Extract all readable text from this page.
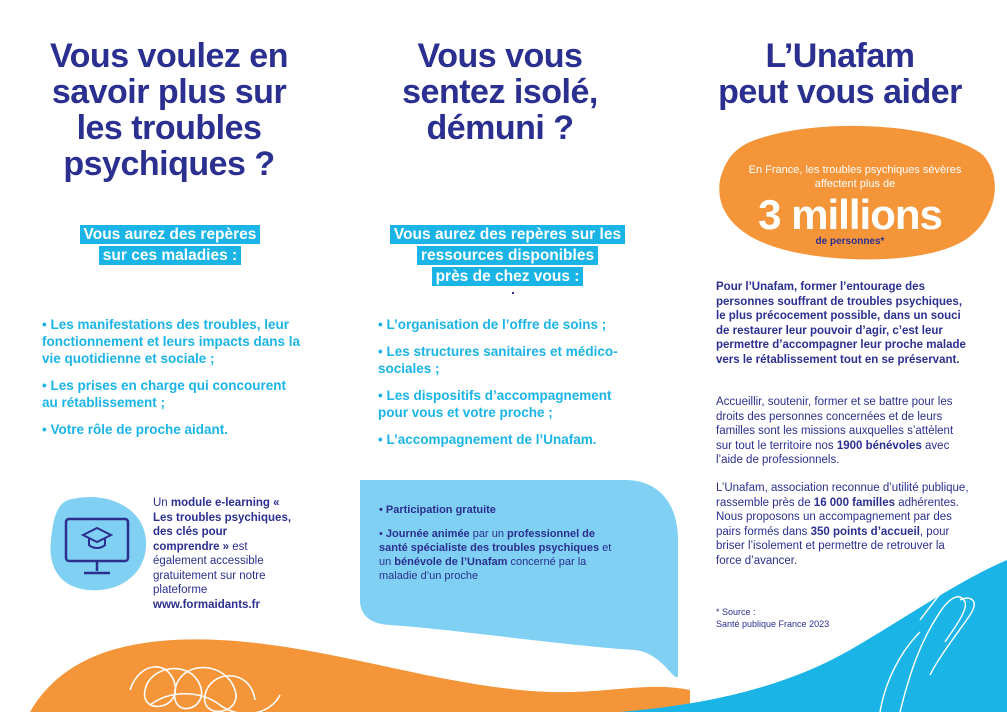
Vous voulez en
savoir plus sur
les troubles
psychiques ?
Vous aurez des repères
sur ces maladies :
• Les manifestations des troubles, leur fonctionnement et leurs impacts dans la vie quotidienne et sociale ;
• Les prises en charge qui concourent au rétablissement ;
• Votre rôle de proche aidant.
Un module e-learning « Les troubles psychiques, des clés pour comprendre » est également accessible gratuitement sur notre plateforme www.formaidants.fr
Vous vous
sentez isolé,
démuni ?
Vous aurez des repères sur les
ressources disponibles
près de chez vous :
• L’organisation de l’offre de soins ;
• Les structures sanitaires et médico-sociales ;
• Les dispositifs d’accompagnement pour vous et votre proche ;
• L’accompagnement de l’Unafam.

• Participation gratuite

• Journée animée par un professionnel de santé spécialiste des troubles psychiques et un bénévole de l’Unafam concerné par la maladie d’un proche

L’Unafam
peut vous aider
En France, les troubles psychiques sévères affectent plus de
3 millions
de personnes*
Pour l’Unafam, former l’entourage des personnes souffrant de troubles psychiques, le plus précocement possible, dans un souci de restaurer leur pouvoir d’agir, c’est leur permettre d’accompagner leur proche malade vers le rétablissement tout en se préservant.
Accueillir, soutenir, former et se battre pour les droits des personnes concernées et de leurs familles sont les missions auxquelles s’attèlent sur tout le territoire nos 1900 bénévoles avec l’aide de professionnels.
L’Unafam, association reconnue d’utilité publique, rassemble près de 16 000 familles adhérentes. Nous proposons un accompagnement par des pairs formés dans 350 points d’accueil, pour briser l’isolement et permettre de retrouver la force d’avancer.
* Source :
Santé publique France 2023
